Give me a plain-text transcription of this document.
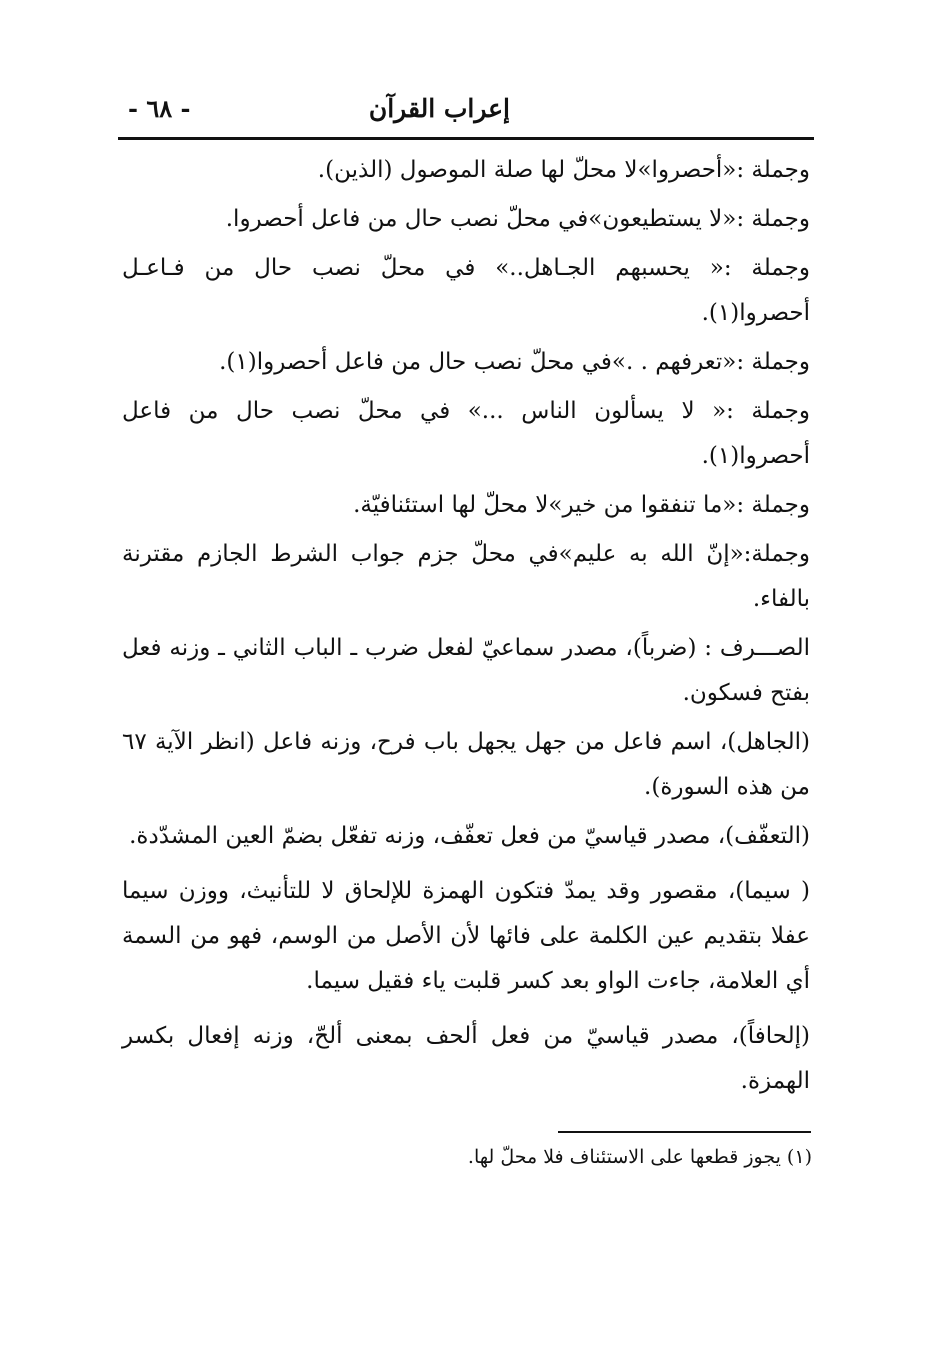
إعراب القرآن
- ٦٨ -

وجملة :«أحصروا»لا محلّ لها صلة الموصول (الذين).

وجملة :«لا يستطيعون»في محلّ نصب حال من فاعل أحصروا.

وجملة :« يحسبهم الجـاهل..» في محلّ نصب حال من فـاعـل أحصروا(١).

وجملة :«تعرفهم . .»في محلّ نصب حال من فاعل أحصروا(١).

وجملة :« لا يسألون الناس ...» في محلّ نصب حال من فاعل أحصروا(١).

وجملة :«ما تنفقوا من خير»لا محلّ لها استئنافيّة.

وجملة:«إنّ الله به عليم»في محلّ جزم جواب الشرط الجازم مقترنة بالفاء.

الصـــرف : (ضرباً)، مصدر سماعيّ لفعل ضرب ـ الباب الثاني ـ وزنه فعل بفتح فسكون.

(الجاهل)، اسم فاعل من جهل يجهل باب فرح، وزنه فاعل (انظر الآية ٦٧ من هذه السورة).

(التعفّف)، مصدر قياسيّ من فعل تعفّف، وزنه تفعّل بضمّ العين المشدّدة.

( سيما)، مقصور وقد يمدّ فتكون الهمزة للإلحاق لا للتأنيث، ووزن سيما عفلا بتقديم عين الكلمة على فائها لأن الأصل من الوسم، فهو من السمة أي العلامة، جاءت الواو بعد كسر قلبت ياء فقيل سيما.

(إلحافاً)، مصدر قياسيّ من فعل ألحف بمعنى ألحّ، وزنه إفعال بكسر الهمزة.

(١) يجوز قطعها على الاستئناف فلا محلّ لها.
